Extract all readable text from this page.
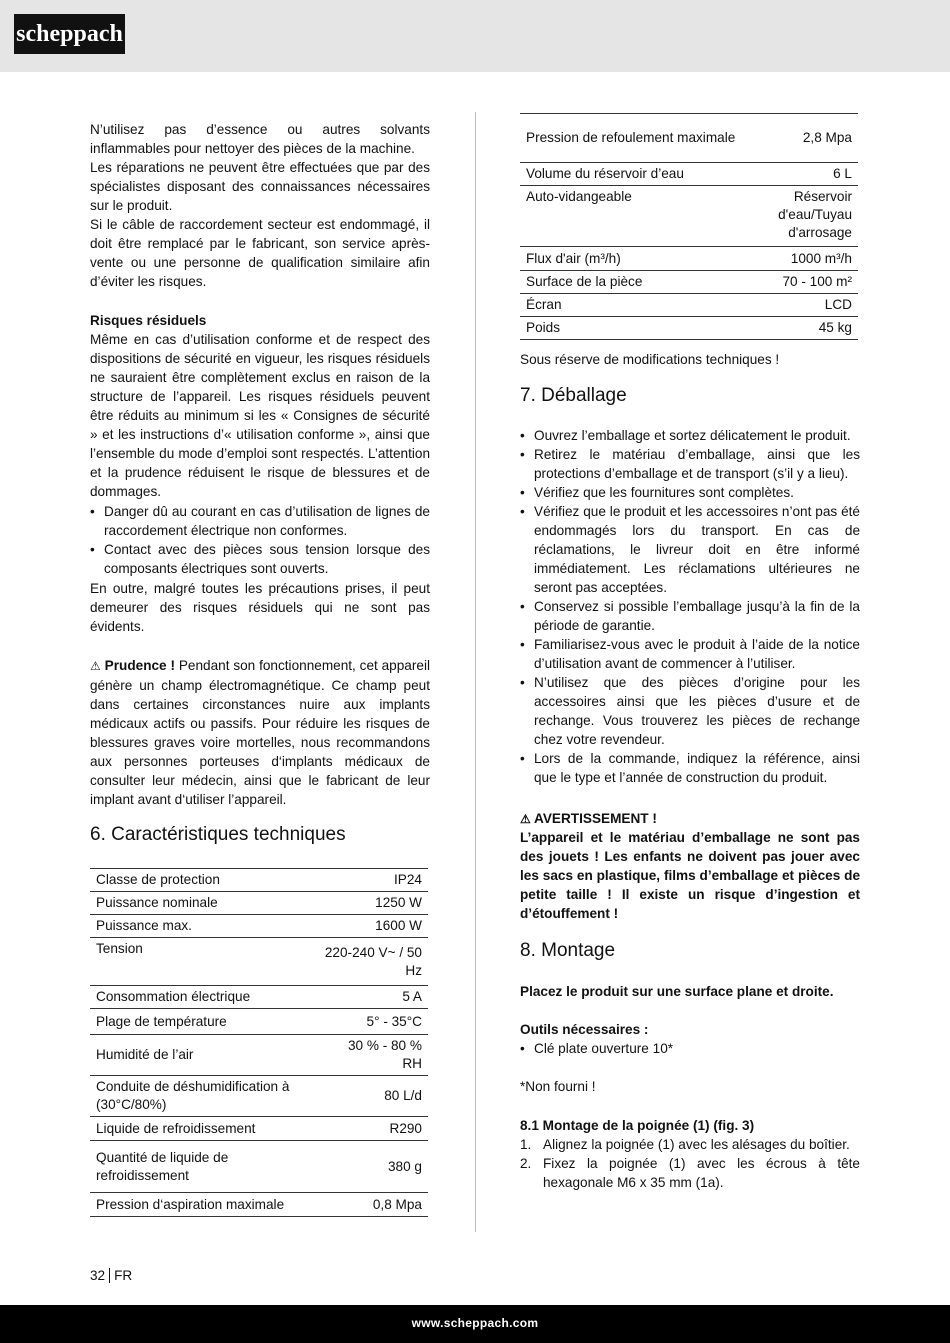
scheppach

N’utilisez pas d’essence ou autres solvants inflammables pour nettoyer des pièces de la machine.

Les réparations ne peuvent être effectuées que par des spécialistes disposant des connaissances nécessaires sur le produit.

Si le câble de raccordement secteur est endommagé, il doit être remplacé par le fabricant, son service après-vente ou une personne de qualification similaire afin d’éviter les risques.

Risques résiduels

Même en cas d’utilisation conforme et de respect des dispositions de sécurité en vigueur, les risques résiduels ne sauraient être complètement exclus en raison de la structure de l’appareil. Les risques résiduels peuvent être réduits au minimum si les « Consignes de sécurité » et les instructions d’« utilisation conforme », ainsi que l’ensemble du mode d’emploi sont respectés. L’attention et la prudence réduisent le risque de blessures et de dommages.

• Danger dû au courant en cas d’utilisation de lignes de raccordement électrique non conformes.
• Contact avec des pièces sous tension lorsque des composants électriques sont ouverts.

En outre, malgré toutes les précautions prises, il peut demeurer des risques résiduels qui ne sont pas évidents.

⚠ Prudence ! Pendant son fonctionnement, cet appareil génère un champ électromagnétique. Ce champ peut dans certaines circonstances nuire aux implants médicaux actifs ou passifs. Pour réduire les risques de blessures graves voire mortelles, nous recommandons aux personnes porteuses d‘implants médicaux de consulter leur médecin, ainsi que le fabricant de leur implant avant d‘utiliser l’appareil.

6. Caractéristiques techniques
Classe de protection	IP24
Puissance nominale	1250 W
Puissance max.	1600 W
Tension	220-240 V~ / 50 Hz
Consommation électrique	5 A
Plage de température	5° - 35°C
Humidité de l’air	30 % - 80 % RH
Conduite de déshumidification à (30°C/80%)	80 L/d
Liquide de refroidissement	R290
Quantité de liquide de refroidissement	380 g
Pression d‘aspiration maximale	0,8 Mpa
Pression de refoulement maximale	2,8 Mpa
Volume du réservoir d’eau	6 L
Auto-vidangeable	Réservoir d'eau/Tuyau d'arrosage
Flux d'air (m³/h)	1000 m³/h
Surface de la pièce	70 - 100 m²
Écran	LCD
Poids	45 kg

Sous réserve de modifications techniques !

7. Déballage
• Ouvrez l’emballage et sortez délicatement le produit.
• Retirez le matériau d’emballage, ainsi que les protections d’emballage et de transport (s’il y a lieu).
• Vérifiez que les fournitures sont complètes.
• Vérifiez que le produit et les accessoires n’ont pas été endommagés lors du transport. En cas de réclamations, le livreur doit en être informé immédiatement. Les réclamations ultérieures ne seront pas acceptées.
• Conservez si possible l’emballage jusqu’à la fin de la période de garantie.
• Familiarisez-vous avec le produit à l’aide de la notice d’utilisation avant de commencer à l’utiliser.
• N’utilisez que des pièces d’origine pour les accessoires ainsi que les pièces d’usure et de rechange. Vous trouverez les pièces de rechange chez votre revendeur.
• Lors de la commande, indiquez la référence, ainsi que le type et l’année de construction du produit.

⚠ AVERTISSEMENT !

L’appareil et le matériau d’emballage ne sont pas des jouets ! Les enfants ne doivent pas jouer avec les sacs en plastique, films d’emballage et pièces de petite taille ! Il existe un risque d’ingestion et d’étouffement !

8. Montage

Placez le produit sur une surface plane et droite.

Outils nécessaires :

• Clé plate ouverture 10*

*Non fourni !

8.1 Montage de la poignée (1) (fig. 3)

1. Alignez la poignée (1) avec les alésages du boîtier.
2. Fixez la poignée (1) avec les écrous à tête hexagonale M6 x 35 mm (1a).
32 FR
www.scheppach.com
